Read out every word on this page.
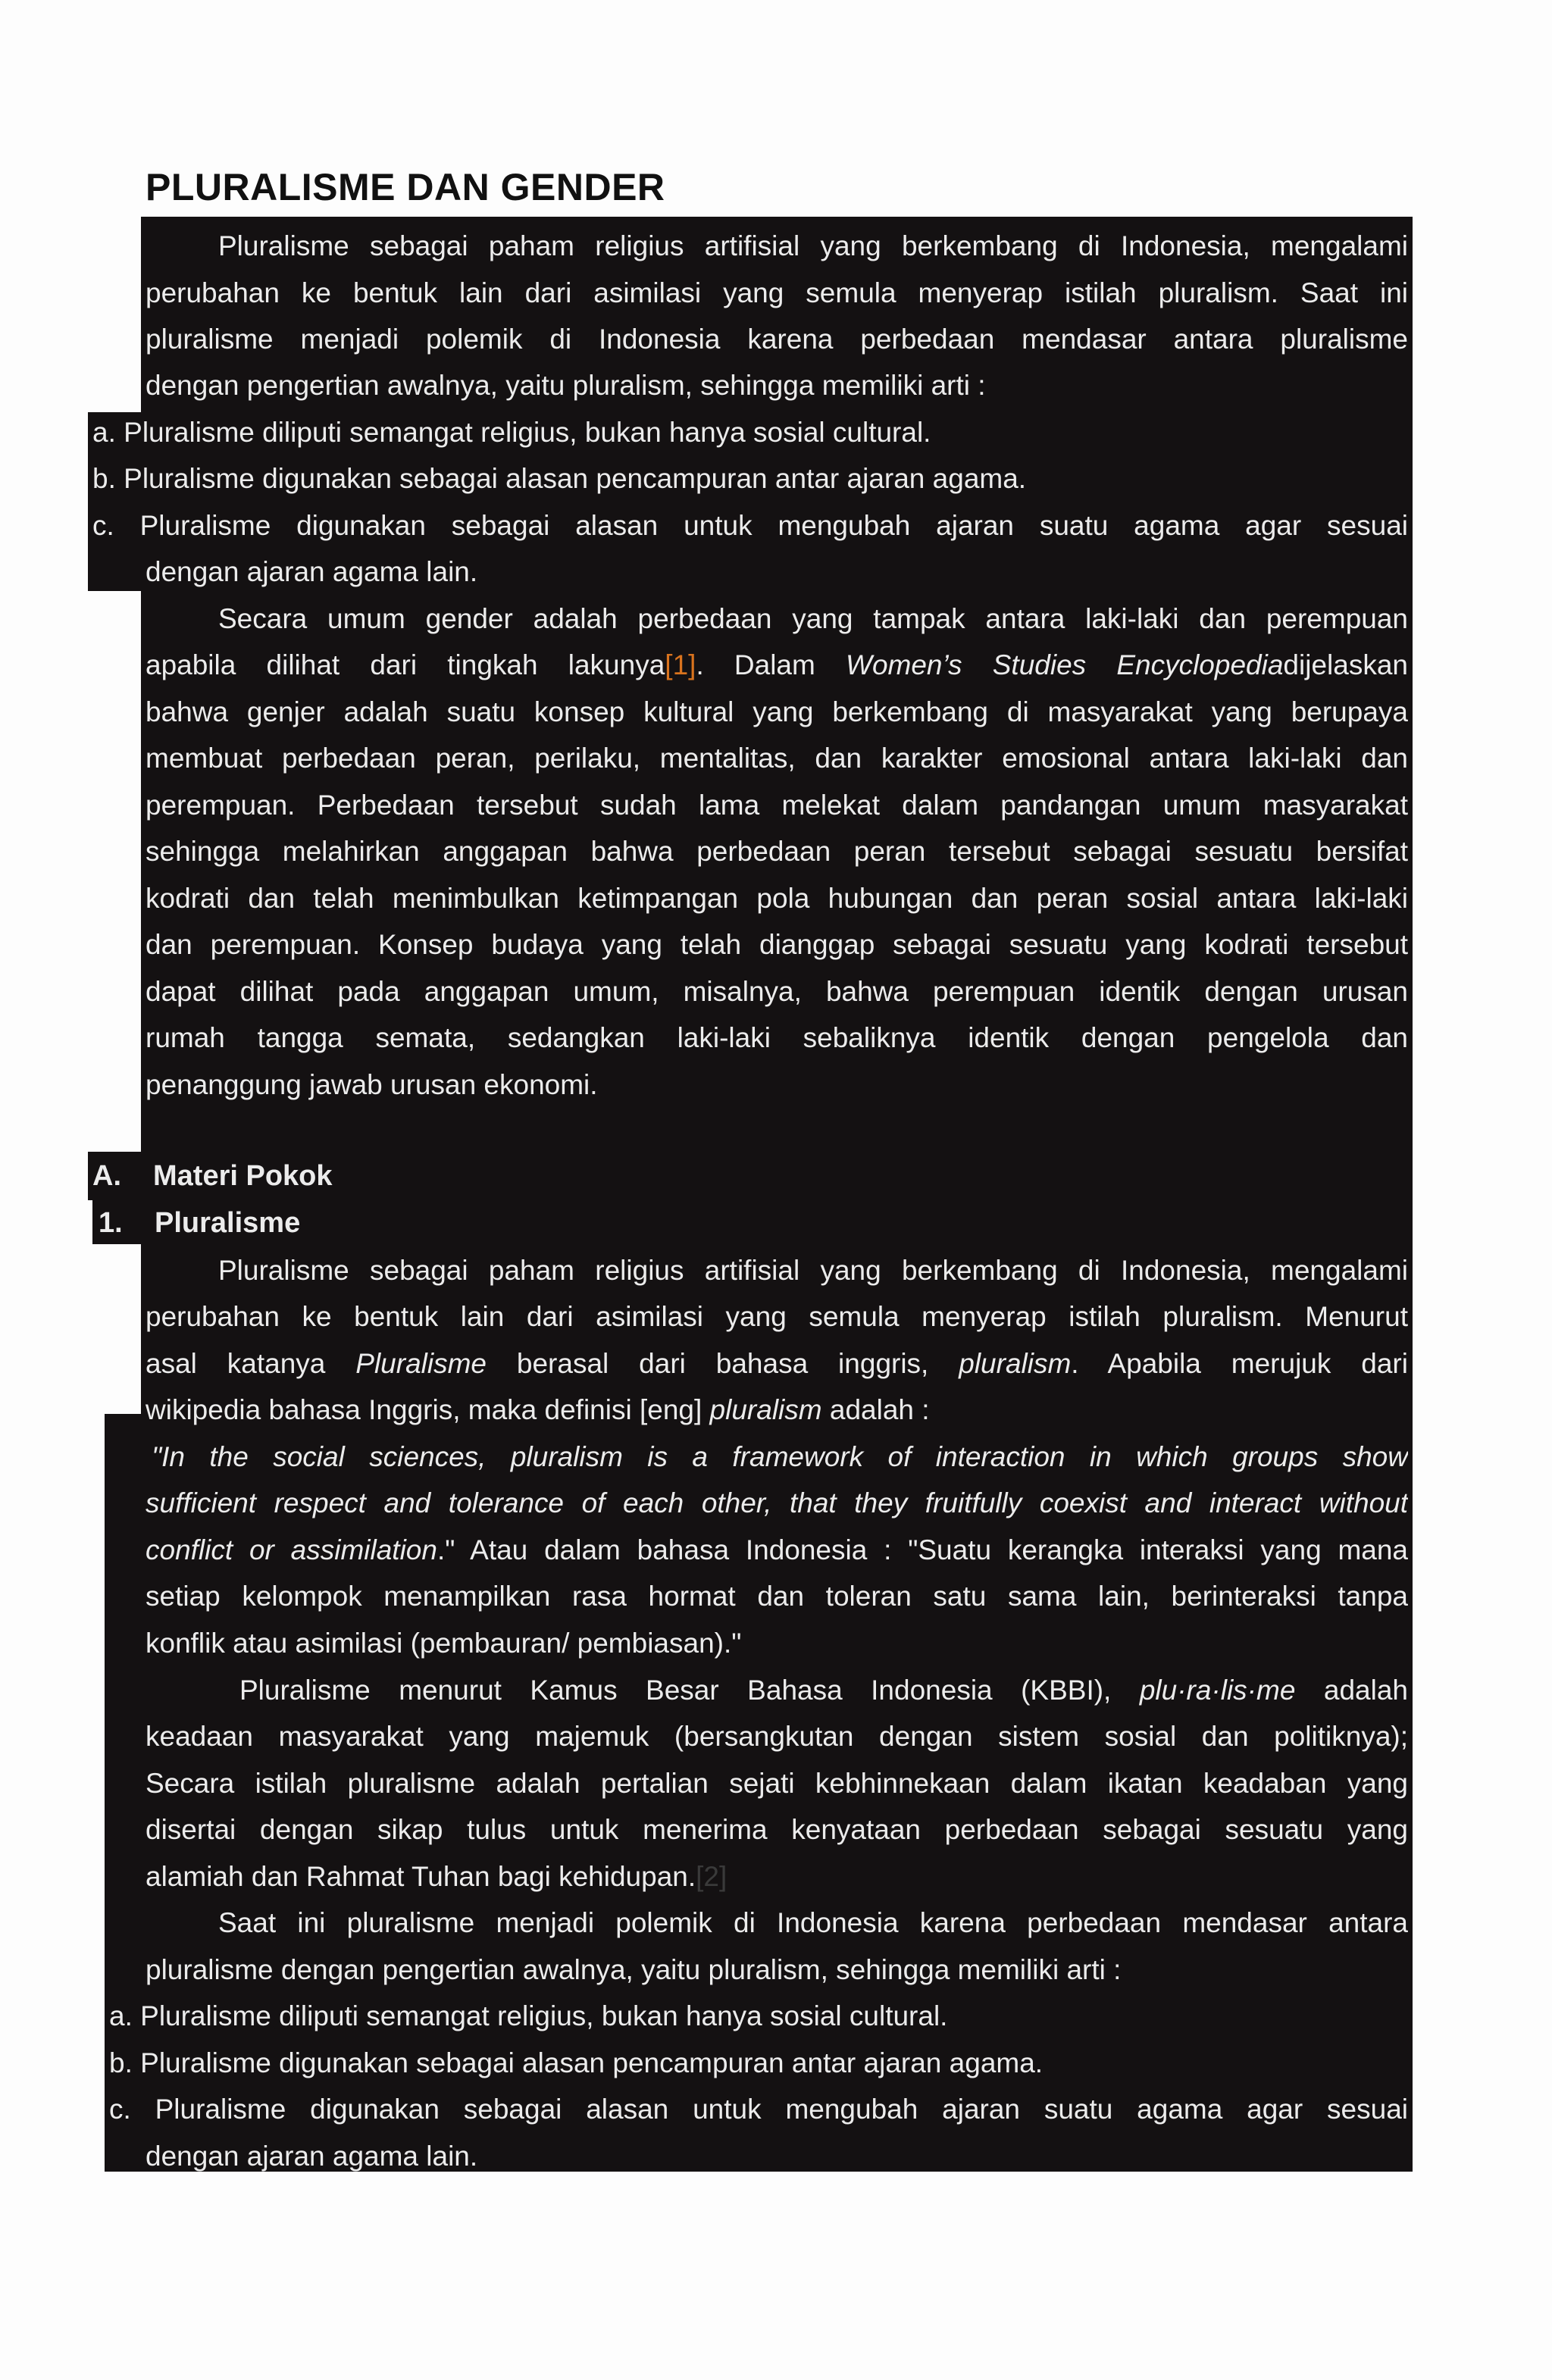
PLURALISME DAN GENDER
Pluralisme sebagai paham religius artifisial yang berkembang di Indonesia, mengalami
perubahan ke bentuk lain dari asimilasi yang semula menyerap istilah pluralism. Saat ini
pluralisme menjadi polemik di Indonesia karena perbedaan mendasar antara pluralisme
dengan pengertian awalnya, yaitu pluralism, sehingga memiliki arti :
a. Pluralisme diliputi semangat religius, bukan hanya sosial cultural.
b. Pluralisme digunakan sebagai alasan pencampuran antar ajaran agama.
c. Pluralisme digunakan sebagai alasan untuk mengubah ajaran suatu agama agar sesuai
dengan ajaran agama lain.
Secara umum gender adalah perbedaan yang tampak antara laki-laki dan perempuan
apabila dilihat dari tingkah lakunya[1]. Dalam Women’s Studies Encyclopediadijelaskan
bahwa genjer adalah suatu konsep kultural yang berkembang di masyarakat yang berupaya
membuat perbedaan peran, perilaku, mentalitas, dan karakter emosional antara laki-laki dan
perempuan. Perbedaan tersebut sudah lama melekat dalam pandangan umum masyarakat
sehingga melahirkan anggapan bahwa perbedaan peran tersebut sebagai sesuatu bersifat
kodrati dan telah menimbulkan ketimpangan pola hubungan dan peran sosial antara laki-laki
dan perempuan. Konsep budaya yang telah dianggap sebagai sesuatu yang kodrati tersebut
dapat dilihat pada anggapan umum, misalnya, bahwa perempuan identik dengan urusan
rumah tangga semata, sedangkan laki-laki sebaliknya identik dengan pengelola dan
penanggung jawab urusan ekonomi.
A. Materi Pokok
1. Pluralisme
Pluralisme sebagai paham religius artifisial yang berkembang di Indonesia, mengalami
perubahan ke bentuk lain dari asimilasi yang semula menyerap istilah pluralism. Menurut
asal katanya Pluralisme berasal dari bahasa inggris, pluralism. Apabila merujuk dari
wikipedia bahasa Inggris, maka definisi [eng] pluralism adalah :
"In the social sciences, pluralism is a framework of interaction in which groups show
sufficient respect and tolerance of each other, that they fruitfully coexist and interact without
conflict or assimilation." Atau dalam bahasa Indonesia : "Suatu kerangka interaksi yang mana
setiap kelompok menampilkan rasa hormat dan toleran satu sama lain, berinteraksi tanpa
konflik atau asimilasi (pembauran/ pembiasan)."
Pluralisme menurut Kamus Besar Bahasa Indonesia (KBBI), plu·ra·lis·me adalah
keadaan masyarakat yang majemuk (bersangkutan dengan sistem sosial dan politiknya);
Secara istilah pluralisme adalah pertalian sejati kebhinnekaan dalam ikatan keadaban yang
disertai dengan sikap tulus untuk menerima kenyataan perbedaan sebagai sesuatu yang
alamiah dan Rahmat Tuhan bagi kehidupan.[2]
Saat ini pluralisme menjadi polemik di Indonesia karena perbedaan mendasar antara
pluralisme dengan pengertian awalnya, yaitu pluralism, sehingga memiliki arti :
a. Pluralisme diliputi semangat religius, bukan hanya sosial cultural.
b. Pluralisme digunakan sebagai alasan pencampuran antar ajaran agama.
c. Pluralisme digunakan sebagai alasan untuk mengubah ajaran suatu agama agar sesuai
dengan ajaran agama lain.
